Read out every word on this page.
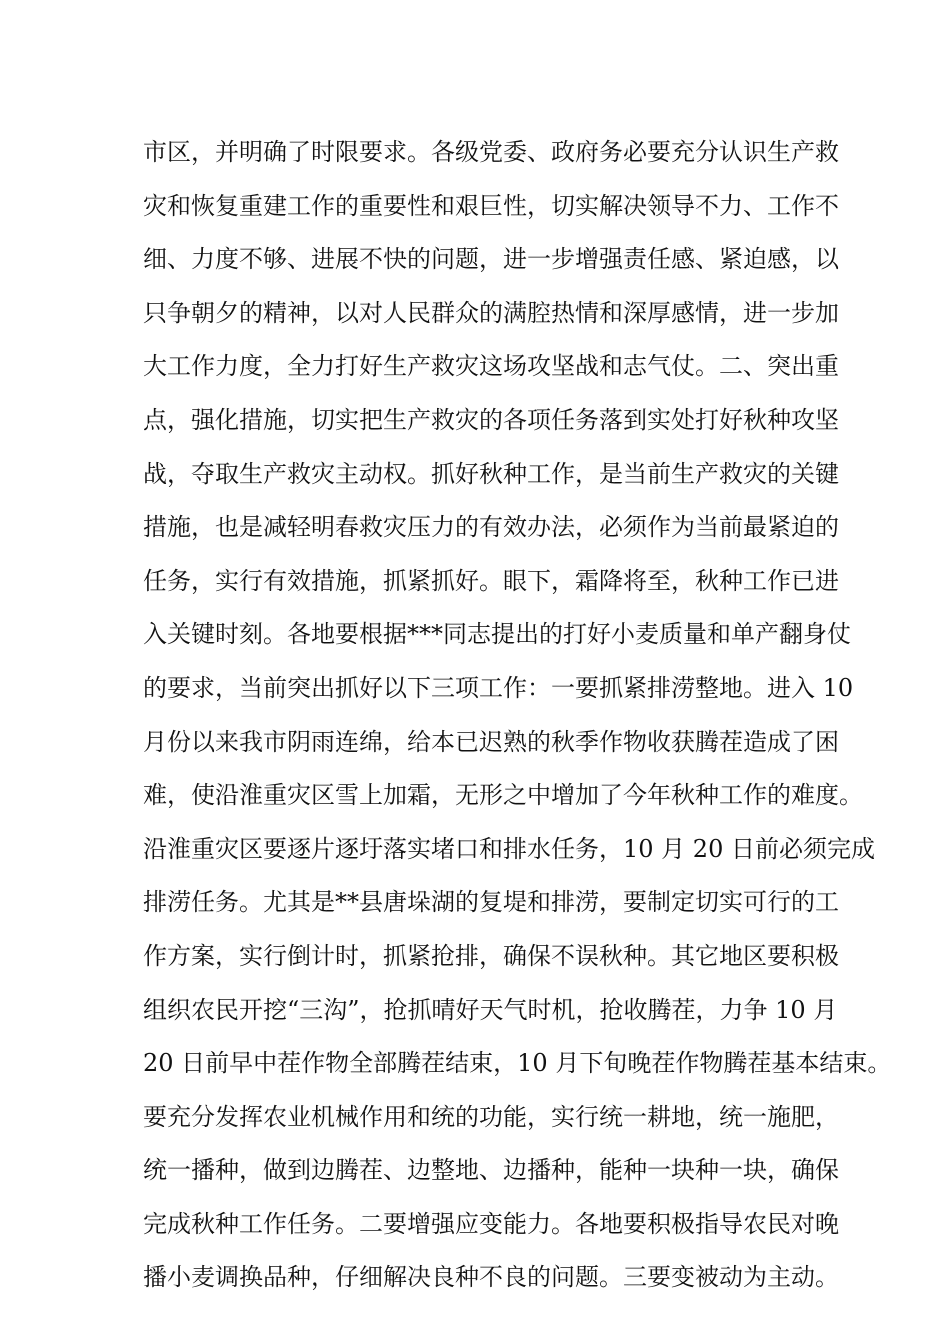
市区，并明确了时限要求。各级党委、政府务必要充分认识生产救
灾和恢复重建工作的重要性和艰巨性，切实解决领导不力、工作不
细、力度不够、进展不快的问题，进一步增强责任感、紧迫感，以
只争朝夕的精神，以对人民群众的满腔热情和深厚感情，进一步加
大工作力度，全力打好生产救灾这场攻坚战和志气仗。二、突出重
点，强化措施，切实把生产救灾的各项任务落到实处打好秋种攻坚
战，夺取生产救灾主动权。抓好秋种工作，是当前生产救灾的关键
措施，也是减轻明春救灾压力的有效办法，必须作为当前最紧迫的
任务，实行有效措施，抓紧抓好。眼下，霜降将至，秋种工作已进
入关键时刻。各地要根据***同志提出的打好小麦质量和单产翻身仗
的要求，当前突出抓好以下三项工作：一要抓紧排涝整地。进入 10
月份以来我市阴雨连绵，给本已迟熟的秋季作物收获腾茬造成了困
难，使沿淮重灾区雪上加霜，无形之中增加了今年秋种工作的难度。
沿淮重灾区要逐片逐圩落实堵口和排水任务，10 月 20 日前必须完成
排涝任务。尤其是**县唐垛湖的复堤和排涝，要制定切实可行的工
作方案，实行倒计时，抓紧抢排，确保不误秋种。其它地区要积极
组织农民开挖“三沟”，抢抓晴好天气时机，抢收腾茬，力争 10 月
20 日前早中茬作物全部腾茬结束，10 月下旬晚茬作物腾茬基本结束。
要充分发挥农业机械作用和统的功能，实行统一耕地，统一施肥，
统一播种，做到边腾茬、边整地、边播种，能种一块种一块，确保
完成秋种工作任务。二要增强应变能力。各地要积极指导农民对晚
播小麦调换品种，仔细解决良种不良的问题。三要变被动为主动。
